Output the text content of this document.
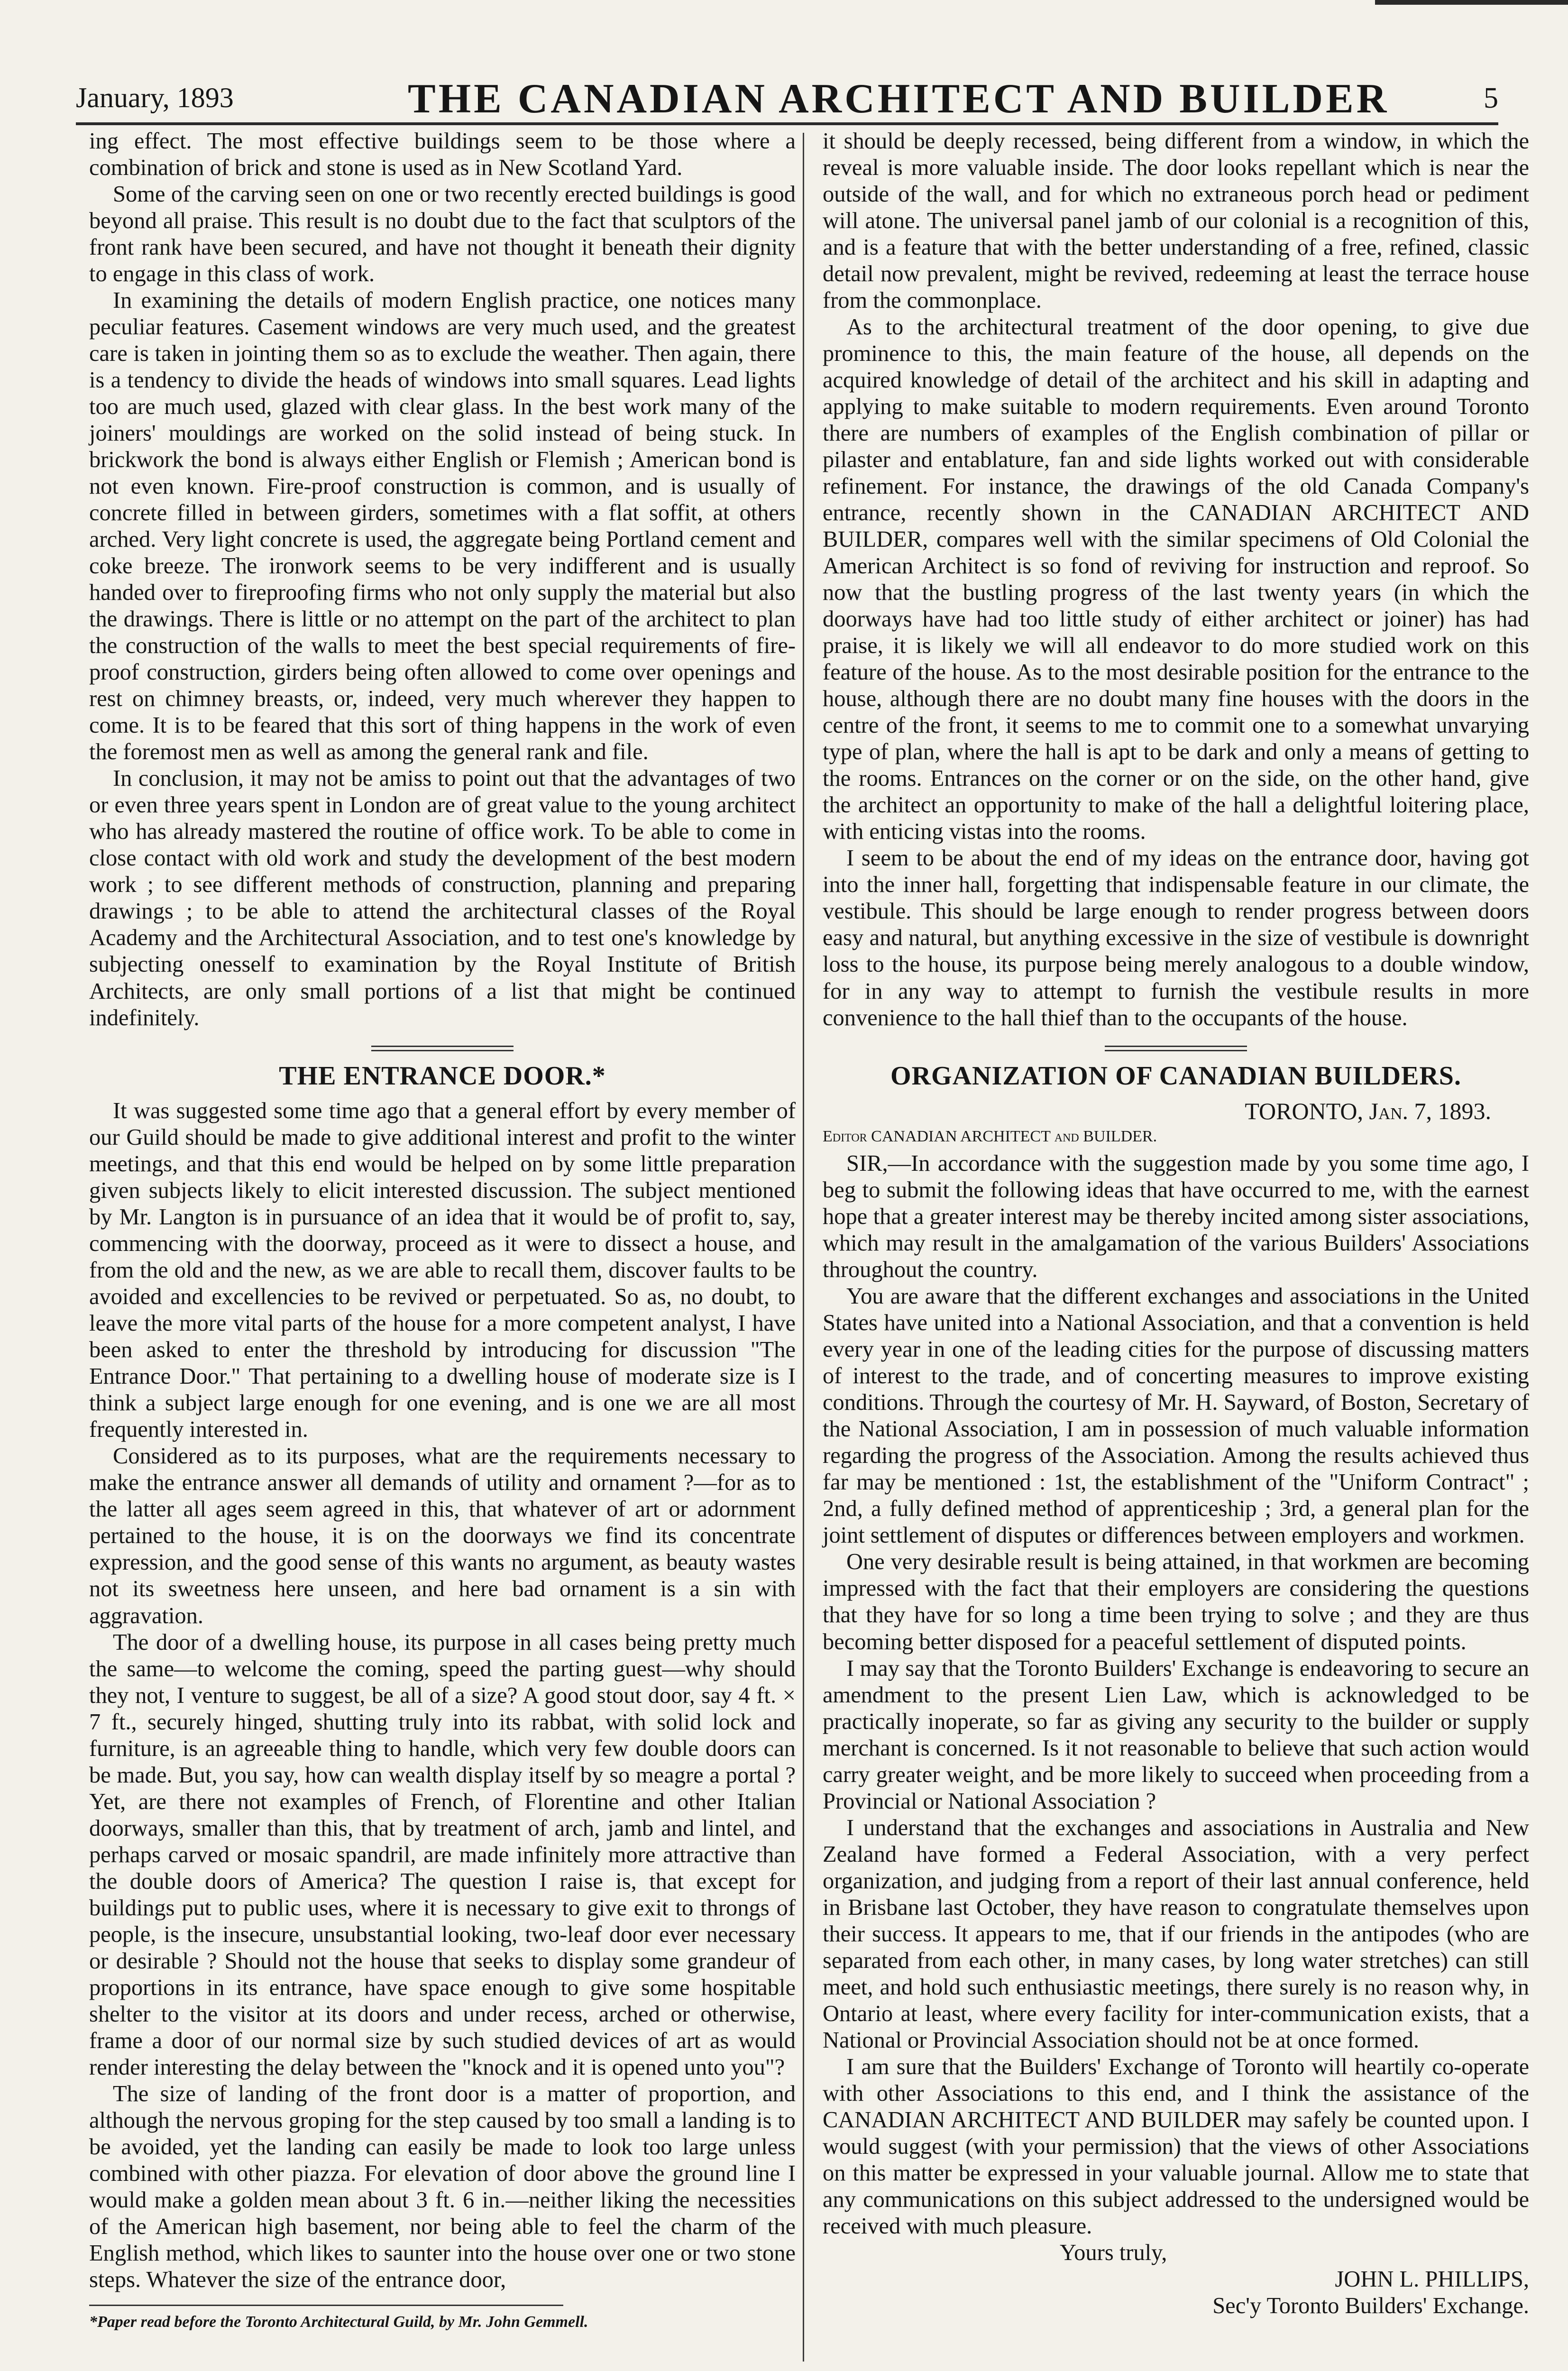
January, 1893	THE CANADIAN ARCHITECT AND BUILDER	5

ing effect. The most effective buildings seem to be those where a combination of brick and stone is used as in New Scotland Yard.

Some of the carving seen on one or two recently erected buildings is good beyond all praise. This result is no doubt due to the fact that sculptors of the front rank have been secured, and have not thought it beneath their dignity to engage in this class of work.

In examining the details of modern English practice, one notices many peculiar features. Casement windows are very much used, and the greatest care is taken in jointing them so as to exclude the weather. Then again, there is a tendency to divide the heads of windows into small squares. Lead lights too are much used, glazed with clear glass. In the best work many of the joiners' mouldings are worked on the solid instead of being stuck. In brickwork the bond is always either English or Flemish ; American bond is not even known. Fire-proof construction is common, and is usually of concrete filled in between girders, sometimes with a flat soffit, at others arched. Very light concrete is used, the aggregate being Portland cement and coke breeze. The ironwork seems to be very indifferent and is usually handed over to fireproofing firms who not only supply the material but also the drawings. There is little or no attempt on the part of the architect to plan the construction of the walls to meet the best special requirements of fire-proof construction, girders being often allowed to come over openings and rest on chimney breasts, or, indeed, very much wherever they happen to come. It is to be feared that this sort of thing happens in the work of even the foremost men as well as among the general rank and file.

In conclusion, it may not be amiss to point out that the advantages of two or even three years spent in London are of great value to the young architect who has already mastered the routine of office work. To be able to come in close contact with old work and study the development of the best modern work ; to see different methods of construction, planning and preparing drawings ; to be able to attend the architectural classes of the Royal Academy and the Architectural Association, and to test one's knowledge by subjecting onesself to examination by the Royal Institute of British Architects, are only small portions of a list that might be continued indefinitely.

THE ENTRANCE DOOR.*

It was suggested some time ago that a general effort by every member of our Guild should be made to give additional interest and profit to the winter meetings, and that this end would be helped on by some little preparation given subjects likely to elicit interested discussion. The subject mentioned by Mr. Langton is in pursuance of an idea that it would be of profit to, say, commencing with the doorway, proceed as it were to dissect a house, and from the old and the new, as we are able to recall them, discover faults to be avoided and excellencies to be revived or perpetuated. So as, no doubt, to leave the more vital parts of the house for a more competent analyst, I have been asked to enter the threshold by introducing for discussion "The Entrance Door." That pertaining to a dwelling house of moderate size is I think a subject large enough for one evening, and is one we are all most frequently interested in.

Considered as to its purposes, what are the requirements necessary to make the entrance answer all demands of utility and ornament ?—for as to the latter all ages seem agreed in this, that whatever of art or adornment pertained to the house, it is on the doorways we find its concentrate expression, and the good sense of this wants no argument, as beauty wastes not its sweetness here unseen, and here bad ornament is a sin with aggravation.

The door of a dwelling house, its purpose in all cases being pretty much the same—to welcome the coming, speed the parting guest—why should they not, I venture to suggest, be all of a size? A good stout door, say 4 ft. × 7 ft., securely hinged, shutting truly into its rabbat, with solid lock and furniture, is an agreeable thing to handle, which very few double doors can be made. But, you say, how can wealth display itself by so meagre a portal ? Yet, are there not examples of French, of Florentine and other Italian doorways, smaller than this, that by treatment of arch, jamb and lintel, and perhaps carved or mosaic spandril, are made infinitely more attractive than the double doors of America? The question I raise is, that except for buildings put to public uses, where it is necessary to give exit to throngs of people, is the insecure, unsubstantial looking, two-leaf door ever necessary or desirable ? Should not the house that seeks to display some grandeur of proportions in its entrance, have space enough to give some hospitable shelter to the visitor at its doors and under recess, arched or otherwise, frame a door of our normal size by such studied devices of art as would render interesting the delay between the "knock and it is opened unto you"?

The size of landing of the front door is a matter of proportion, and although the nervous groping for the step caused by too small a landing is to be avoided, yet the landing can easily be made to look too large unless combined with other piazza. For elevation of door above the ground line I would make a golden mean about 3 ft. 6 in.—neither liking the necessities of the American high basement, nor being able to feel the charm of the English method, which likes to saunter into the house over one or two stone steps. Whatever the size of the entrance door,

*Paper read before the Toronto Architectural Guild, by Mr. John Gemmell.

it should be deeply recessed, being different from a window, in which the reveal is more valuable inside. The door looks repellant which is near the outside of the wall, and for which no extraneous porch head or pediment will atone. The universal panel jamb of our colonial is a recognition of this, and is a feature that with the better understanding of a free, refined, classic detail now prevalent, might be revived, redeeming at least the terrace house from the commonplace.

As to the architectural treatment of the door opening, to give due prominence to this, the main feature of the house, all depends on the acquired knowledge of detail of the architect and his skill in adapting and applying to make suitable to modern requirements. Even around Toronto there are numbers of examples of the English combination of pillar or pilaster and entablature, fan and side lights worked out with considerable refinement. For instance, the drawings of the old Canada Company's entrance, recently shown in the CANADIAN ARCHITECT AND BUILDER, compares well with the similar specimens of Old Colonial the American Architect is so fond of reviving for instruction and reproof. So now that the bustling progress of the last twenty years (in which the doorways have had too little study of either architect or joiner) has had praise, it is likely we will all endeavor to do more studied work on this feature of the house. As to the most desirable position for the entrance to the house, although there are no doubt many fine houses with the doors in the centre of the front, it seems to me to commit one to a somewhat unvarying type of plan, where the hall is apt to be dark and only a means of getting to the rooms. Entrances on the corner or on the side, on the other hand, give the architect an opportunity to make of the hall a delightful loitering place, with enticing vistas into the rooms.

I seem to be about the end of my ideas on the entrance door, having got into the inner hall, forgetting that indispensable feature in our climate, the vestibule. This should be large enough to render progress between doors easy and natural, but anything excessive in the size of vestibule is downright loss to the house, its purpose being merely analogous to a double window, for in any way to attempt to furnish the vestibule results in more convenience to the hall thief than to the occupants of the house.

ORGANIZATION OF CANADIAN BUILDERS.
TORONTO, Jan. 7, 1893.
Editor CANADIAN ARCHITECT and BUILDER.

SIR,—In accordance with the suggestion made by you some time ago, I beg to submit the following ideas that have occurred to me, with the earnest hope that a greater interest may be thereby incited among sister associations, which may result in the amalgamation of the various Builders' Associations throughout the country.

You are aware that the different exchanges and associations in the United States have united into a National Association, and that a convention is held every year in one of the leading cities for the purpose of discussing matters of interest to the trade, and of concerting measures to improve existing conditions. Through the courtesy of Mr. H. Sayward, of Boston, Secretary of the National Association, I am in possession of much valuable information regarding the progress of the Association. Among the results achieved thus far may be mentioned : 1st, the establishment of the "Uniform Contract" ; 2nd, a fully defined method of apprenticeship ; 3rd, a general plan for the joint settlement of disputes or differences between employers and workmen.

One very desirable result is being attained, in that workmen are becoming impressed with the fact that their employers are considering the questions that they have for so long a time been trying to solve ; and they are thus becoming better disposed for a peaceful settlement of disputed points.

I may say that the Toronto Builders' Exchange is endeavoring to secure an amendment to the present Lien Law, which is acknowledged to be practically inoperate, so far as giving any security to the builder or supply merchant is concerned. Is it not reasonable to believe that such action would carry greater weight, and be more likely to succeed when proceeding from a Provincial or National Association ?

I understand that the exchanges and associations in Australia and New Zealand have formed a Federal Association, with a very perfect organization, and judging from a report of their last annual conference, held in Brisbane last October, they have reason to congratulate themselves upon their success. It appears to me, that if our friends in the antipodes (who are separated from each other, in many cases, by long water stretches) can still meet, and hold such enthusiastic meetings, there surely is no reason why, in Ontario at least, where every facility for inter-communication exists, that a National or Provincial Association should not be at once formed.

I am sure that the Builders' Exchange of Toronto will heartily co-operate with other Associations to this end, and I think the assistance of the CANADIAN ARCHITECT AND BUILDER may safely be counted upon. I would suggest (with your permission) that the views of other Associations on this matter be expressed in your valuable journal. Allow me to state that any communications on this subject addressed to the undersigned would be received with much pleasure.

Yours truly,
JOHN L. PHILLIPS,
Sec'y Toronto Builders' Exchange.
